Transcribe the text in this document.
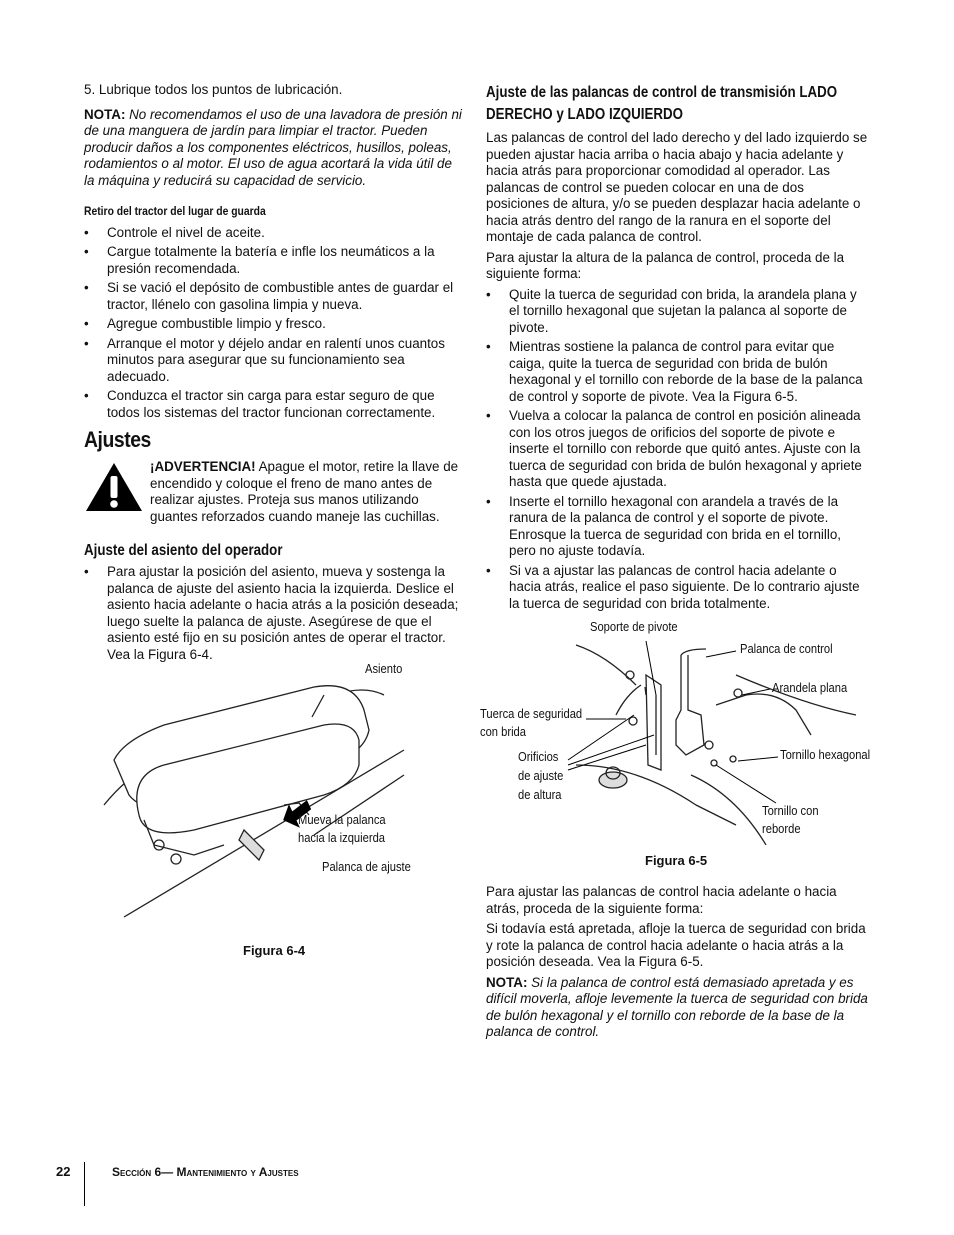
5. Lubrique todos los puntos de lubricación.

NOTA: No recomendamos el uso de una lavadora de presión ni de una manguera de jardín para limpiar el tractor. Pueden producir daños a los componentes eléctricos, husillos, poleas, rodamientos o al motor. El uso de agua acortará la vida útil de la máquina y reducirá su capacidad de servicio.

Retiro del tractor del lugar de guarda
• Controle el nivel de aceite.
• Cargue totalmente la batería e infle los neumáticos a la presión recomendada.
• Si se vació el depósito de combustible antes de guardar el tractor, llénelo con gasolina limpia y nueva.
• Agregue combustible limpio y fresco.
• Arranque el motor y déjelo andar en ralentí unos cuantos minutos para asegurar que su funcionamiento sea adecuado.
• Conduzca el tractor sin carga para estar seguro de que todos los sistemas del tractor funcionan correctamente.
Ajustes

¡ADVERTENCIA! Apague el motor, retire la llave de encendido y coloque el freno de mano antes de realizar ajustes. Proteja sus manos utilizando guantes reforzados cuando maneje las cuchillas.

Ajuste del asiento del operador
• Para ajustar la posición del asiento, mueva y sostenga la palanca de ajuste del asiento hacia la izquierda. Deslice el asiento hacia adelante o hacia atrás a la posición deseada; luego suelte la palanca de ajuste. Asegúrese de que el asiento esté fijo en su posición antes de operar el tractor. Vea la Figura 6-4.
Asiento
Mueva la palanca
hacia la izquierda
Palanca de ajuste
Figura 6-4
Ajuste de las palancas de control de transmisión LADO
DERECHO y LADO IZQUIERDO

Las palancas de control del lado derecho y del lado izquierdo se pueden ajustar hacia arriba o hacia abajo y hacia adelante y hacia atrás para proporcionar comodidad al operador. Las palancas de control se pueden colocar en una de dos posiciones de altura, y/o se pueden desplazar hacia adelante o hacia atrás dentro del rango de la ranura en el soporte del montaje de cada palanca de control.

Para ajustar la altura de la palanca de control, proceda de la siguiente forma:

• Quite la tuerca de seguridad con brida, la arandela plana y el tornillo hexagonal que sujetan la palanca al soporte de pivote.
• Mientras sostiene la palanca de control para evitar que caiga, quite la tuerca de seguridad con brida de bulón hexagonal y el tornillo con reborde de la base de la palanca de control y soporte de pivote. Vea la Figura 6-5.
• Vuelva a colocar la palanca de control en posición alineada con los otros juegos de orificios del soporte de pivote e inserte el tornillo con reborde que quitó antes. Ajuste con la tuerca de seguridad con brida de bulón hexagonal y apriete hasta que quede ajustada.
• Inserte el tornillo hexagonal con arandela a través de la ranura de la palanca de control y el soporte de pivote. Enrosque la tuerca de seguridad con brida en el tornillo, pero no ajuste todavía.
• Si va a ajustar las palancas de control hacia adelante o hacia atrás, realice el paso siguiente. De lo contrario ajuste la tuerca de seguridad con brida totalmente.
Soporte de pivote
Palanca de control
Arandela plana
Tuerca de seguridad
con brida
Orificios
de ajuste
de altura
Tornillo hexagonal
Tornillo con
reborde
Figura 6-5

Para ajustar las palancas de control hacia adelante o hacia atrás, proceda de la siguiente forma:

Si todavía está apretada, afloje la tuerca de seguridad con brida y rote la palanca de control hacia adelante o hacia atrás a la posición deseada. Vea la Figura 6-5.

NOTA: Si la palanca de control está demasiado apretada y es difícil moverla, afloje levemente la tuerca de seguridad con brida de bulón hexagonal y el tornillo con reborde de la base de la palanca de control.

22	Sección 6— Mantenimiento y Ajustes
